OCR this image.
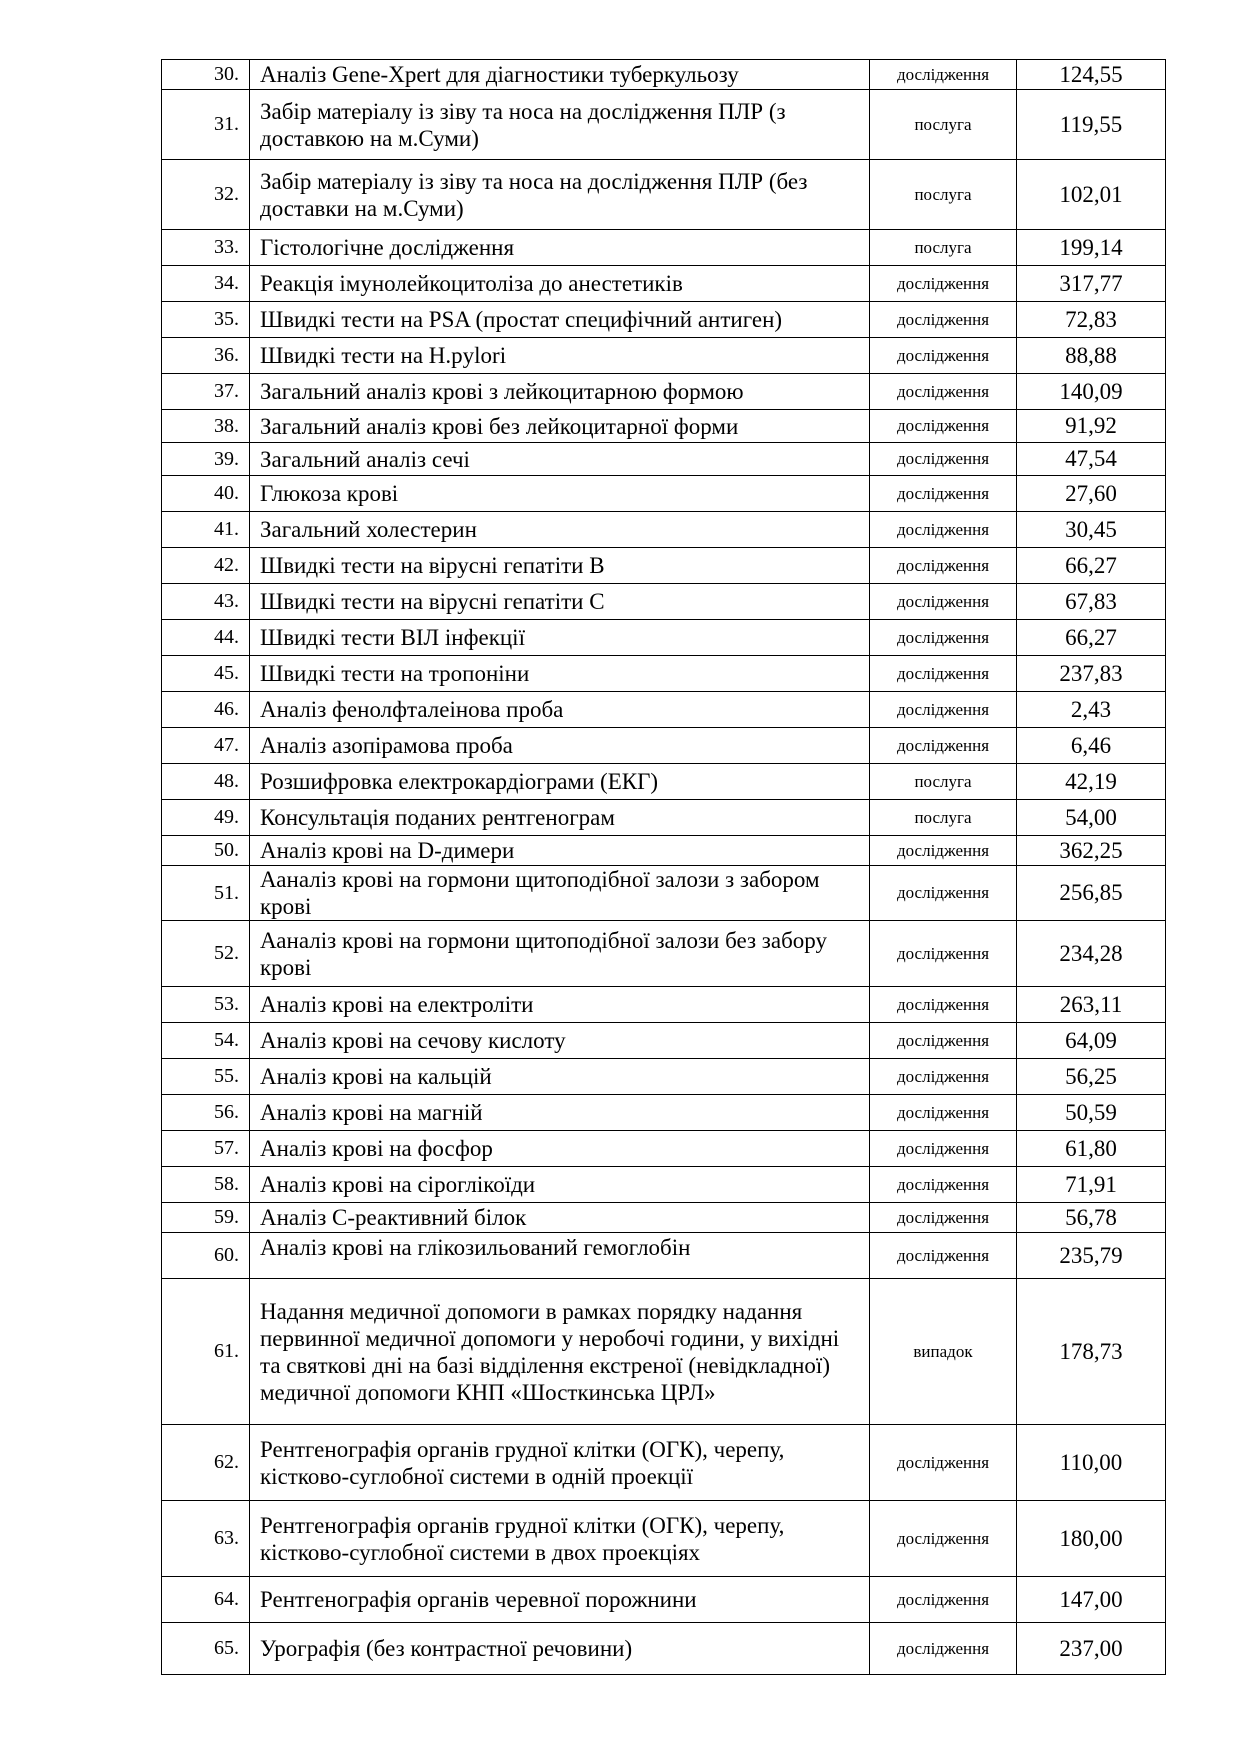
30.	Аналіз Gene-Xpert для діагностики туберкульозу	дослідження	124,55
31.	Забір матеріалу із зіву та носа на дослідження ПЛР (з доставкою на м.Суми)	послуга	119,55
32.	Забір матеріалу із зіву та носа на дослідження ПЛР (без доставки на м.Суми)	послуга	102,01
33.	Гістологічне дослідження	послуга	199,14
34.	Реакція імунолейкоцитоліза до анестетиків	дослідження	317,77
35.	Швидкі тести на PSA (простат специфічний антиген)	дослідження	72,83
36.	Швидкі тести на H.pylori	дослідження	88,88
37.	Загальний аналіз крові з лейкоцитарною формою	дослідження	140,09
38.	Загальний аналіз крові без лейкоцитарної форми	дослідження	91,92
39.	Загальний аналіз сечі	дослідження	47,54
40.	Глюкоза крові	дослідження	27,60
41.	Загальний холестерин	дослідження	30,45
42.	Швидкі тести на вірусні гепатіти В	дослідження	66,27
43.	Швидкі тести на вірусні гепатіти С	дослідження	67,83
44.	Швидкі тести ВІЛ інфекції	дослідження	66,27
45.	Швидкі тести на тропоніни	дослідження	237,83
46.	Аналіз фенолфталеінова проба	дослідження	2,43
47.	Аналіз азопірамова проба	дослідження	6,46
48.	Розшифровка електрокардіограми (ЕКГ)	послуга	42,19
49.	Консультація поданих рентгенограм	послуга	54,00
50.	Аналіз крові на D-димери	дослідження	362,25
51.	Ааналіз крові на гормони щитоподібної залози з забором крові	дослідження	256,85
52.	Ааналіз крові на гормони щитоподібної залози без забору крові	дослідження	234,28
53.	Аналіз крові на електроліти	дослідження	263,11
54.	Аналіз крові на сечову кислоту	дослідження	64,09
55.	Аналіз крові на кальцій	дослідження	56,25
56.	Аналіз крові на магній	дослідження	50,59
57.	Аналіз крові на фосфор	дослідження	61,80
58.	Аналіз крові на сіроглікоїди	дослідження	71,91
59.	Аналіз С-реактивний білок	дослідження	56,78
60.	Аналіз крові на глікозильований гемоглобін	дослідження	235,79
61.	Надання медичної допомоги в рамках порядку надання первинної медичної допомоги у неробочі години, у вихідні та святкові дні на базі відділення екстреної (невідкладної) медичної допомоги КНП «Шосткинська ЦРЛ»	випадок	178,73
62.	Рентгенографія органів грудної клітки (ОГК), черепу, кістково-суглобної системи в одній проекції	дослідження	110,00
63.	Рентгенографія органів грудної клітки (ОГК), черепу, кістково-суглобної системи в двох проекціях	дослідження	180,00
64.	Рентгенографія органів черевної порожнини	дослідження	147,00
65.	Урографія (без контрастної речовини)	дослідження	237,00
